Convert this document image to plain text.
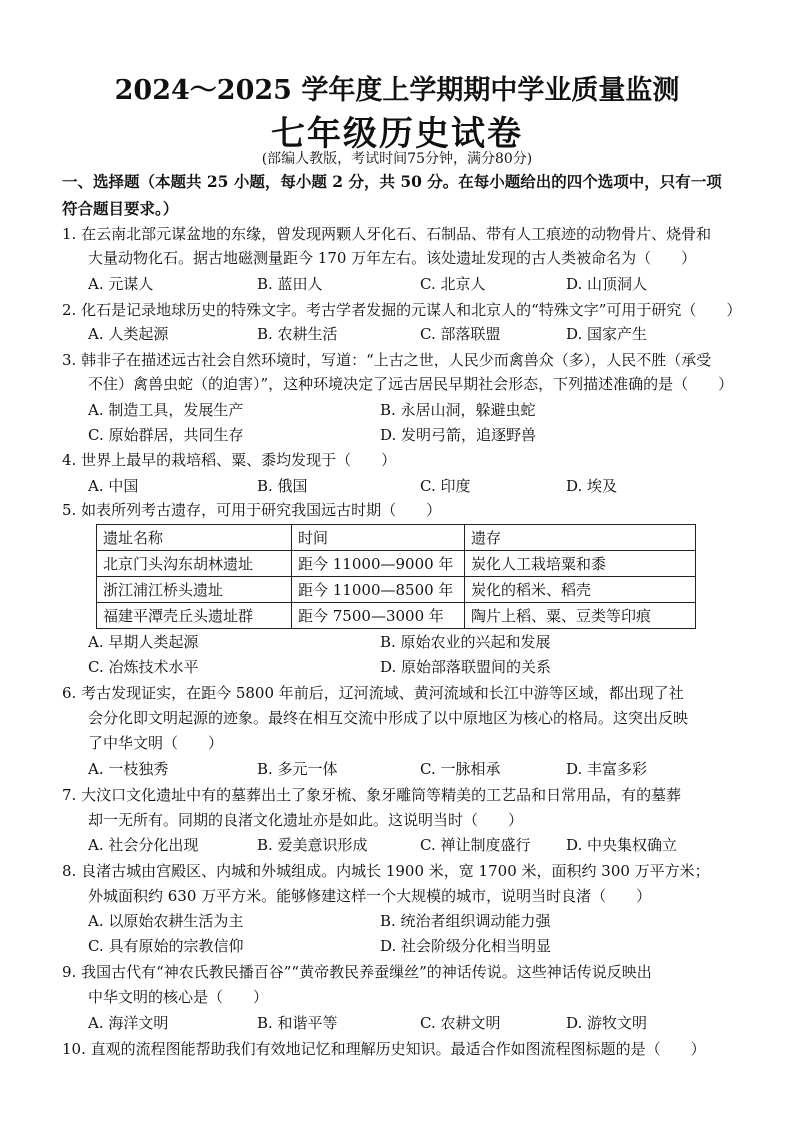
2024～2025 学年度上学期期中学业质量监测
七年级历史试卷
(部编人教版，考试时间75分钟，满分80分)
一、选择题（本题共 25 小题，每小题 2 分，共 50 分。在每小题给出的四个选项中，只有一项
符合题目要求。）
1. 在云南北部元谋盆地的东缘，曾发现两颗人牙化石、石制品、带有人工痕迹的动物骨片、烧骨和
大量动物化石。据古地磁测量距今 170 万年左右。该处遗址发现的古人类被命名为（　　）
A. 元谋人	B. 蓝田人	C. 北京人	D. 山顶洞人
2. 化石是记录地球历史的特殊文字。考古学者发掘的元谋人和北京人的“特殊文字”可用于研究（　　）
A. 人类起源	B. 农耕生活	C. 部落联盟	D. 国家产生
3. 韩非子在描述远古社会自然环境时，写道：“上古之世，人民少而禽兽众（多），人民不胜（承受
不住）禽兽虫蛇（的迫害）”，这种环境决定了远古居民早期社会形态，下列描述准确的是（　　）
A. 制造工具，发展生产	B. 永居山洞，躲避虫蛇
C. 原始群居，共同生存	D. 发明弓箭，追逐野兽
4. 世界上最早的栽培稻、粟、黍均发现于（　　）
A. 中国	B. 俄国	C. 印度	D. 埃及
5. 如表所列考古遗存，可用于研究我国远古时期（　　）
遗址名称	时间	遗存
北京门头沟东胡林遗址	距今 11000—9000 年	炭化人工栽培粟和黍
浙江浦江桥头遗址	距今 11000—8500 年	炭化的稻米、稻壳
福建平潭壳丘头遗址群	距今 7500—3000 年	陶片上稻、粟、豆类等印痕
A. 早期人类起源	B. 原始农业的兴起和发展
C. 冶炼技术水平	D. 原始部落联盟间的关系
6. 考古发现证实，在距今 5800 年前后，辽河流域、黄河流域和长江中游等区域，都出现了社
会分化即文明起源的迹象。最终在相互交流中形成了以中原地区为核心的格局。这突出反映
了中华文明（　　）
A. 一枝独秀	B. 多元一体	C. 一脉相承	D. 丰富多彩
7. 大汶口文化遗址中有的墓葬出土了象牙梳、象牙雕筒等精美的工艺品和日常用品，有的墓葬
却一无所有。同期的良渚文化遗址亦是如此。这说明当时（　　）
A. 社会分化出现	B. 爱美意识形成	C. 禅让制度盛行 D. 中央集权确立
8. 良渚古城由宫殿区、内城和外城组成。内城长 1900 米，宽 1700 米，面积约 300 万平方米；
外城面积约 630 万平方米。能够修建这样一个大规模的城市，说明当时良渚（　　）
A. 以原始农耕生活为主	B. 统治者组织调动能力强
C. 具有原始的宗教信仰	D. 社会阶级分化相当明显
9. 我国古代有“神农氏教民播百谷”“黄帝教民养蚕缫丝”的神话传说。这些神话传说反映出
中华文明的核心是（　　）
A. 海洋文明	B. 和谐平等	C. 农耕文明	D. 游牧文明
10. 直观的流程图能帮助我们有效地记忆和理解历史知识。最适合作如图流程图标题的是（　　）
